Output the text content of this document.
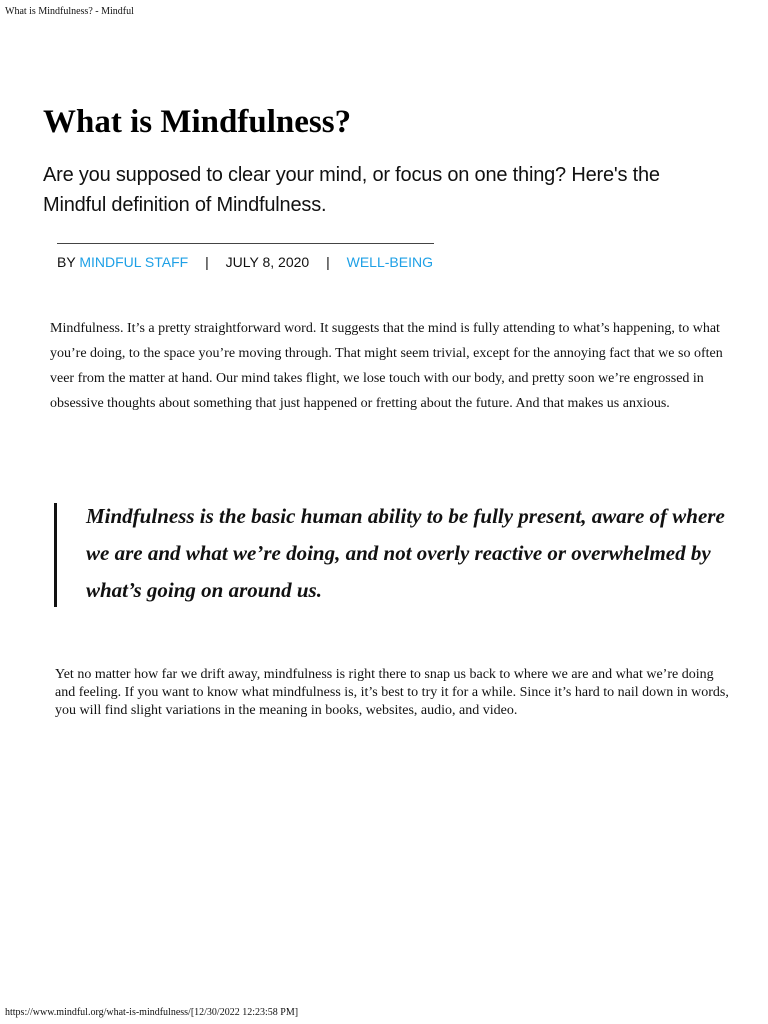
What is Mindfulness? - Mindful
What is Mindfulness?

Are you supposed to clear your mind, or focus on one thing? Here's the Mindful definition of Mindfulness.

BY MINDFUL STAFF | JULY 8, 2020 | WELL-BEING

Mindfulness. It’s a pretty straightforward word. It suggests that the mind is fully attending to what’s happening, to what you’re doing, to the space you’re moving through. That might seem trivial, except for the annoying fact that we so often veer from the matter at hand. Our mind takes flight, we lose touch with our body, and pretty soon we’re engrossed in obsessive thoughts about something that just happened or fretting about the future. And that makes us anxious.

Mindfulness is the basic human ability to be fully present, aware of where we are and what we’re doing, and not overly reactive or overwhelmed by what’s going on around us.

Yet no matter how far we drift away, mindfulness is right there to snap us back to where we are and what we’re doing and feeling. If you want to know what mindfulness is, it’s best to try it for a while. Since it’s hard to nail down in words, you will find slight variations in the meaning in books, websites, audio, and video.

https://www.mindful.org/what-is-mindfulness/[12/30/2022 12:23:58 PM]
